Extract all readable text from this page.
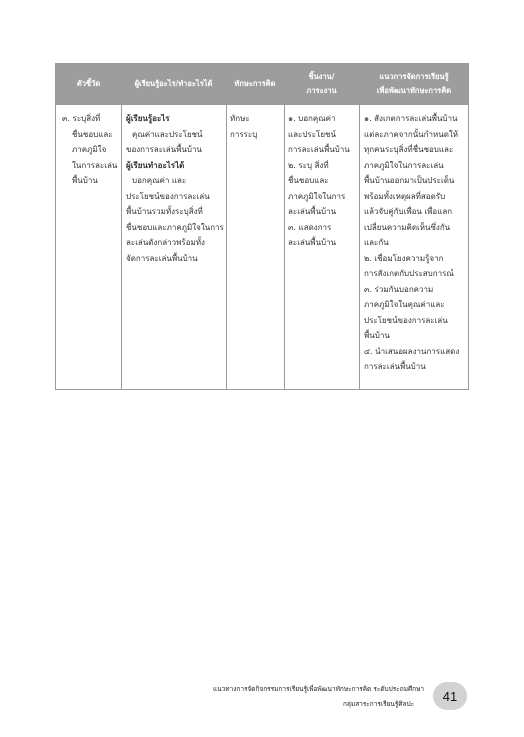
ตัวชี้วัด	ผู้เรียนรู้อะไร/ทำอะไรได้	ทักษะการคิด
ชิ้นงาน/
ภาระงาน
แนวการจัดการเรียนรู้
เพื่อพัฒนาทักษะการคิด
๓. ระบุสิ่งที่
ชื่นชอบและ
ภาคภูมิใจ
ในการละเล่น
พื้นบ้าน
ผู้เรียนรู้อะไร
คุณค่าและประโยชน์
ของการละเล่นพื้นบ้าน
ผู้เรียนทำอะไรได้
บอกคุณค่า และ
ประโยชน์ของการละเล่น
พื้นบ้านรวมทั้งระบุสิ่งที่
ชื่นชอบและภาคภูมิใจในการ
ละเล่นดังกล่าวพร้อมทั้ง
จัดการละเล่นพื้นบ้าน
ทักษะ
การระบุ
๑. บอกคุณค่า
และประโยชน์
การละเล่นพื้นบ้าน
๒. ระบุ สิ่งที่
ชื่นชอบและ
ภาคภูมิใจในการ
ละเล่นพื้นบ้าน
๓. แสดงการ
ละเล่นพื้นบ้าน
๑. สังเกตการละเล่นพื้นบ้าน
แต่ละภาคจากนั้นกำหนดให้
ทุกคนระบุสิ่งที่ชื่นชอบและ
ภาคภูมิใจในการละเล่น
พื้นบ้านออกมาเป็นประเด็น
พร้อมทั้งเหตุผลที่สอดรับ
แล้วจับคู่กับเพื่อน เพื่อแลก
เปลี่ยนความคิดเห็นซึ่งกัน
และกัน
๒. เชื่อมโยงความรู้จาก
การสังเกตกับประสบการณ์
๓. ร่วมกันบอกความ
ภาคภูมิใจในคุณค่าและ
ประโยชน์ของการละเล่น
พื้นบ้าน
๔. นำเสนอผลงานการแสดง
การละเล่นพื้นบ้าน
แนวทางการจัดกิจกรรมการเรียนรู้เพื่อพัฒนาทักษะการคิด ระดับประถมศึกษา
กลุ่มสาระการเรียนรู้ศิลปะ
41
